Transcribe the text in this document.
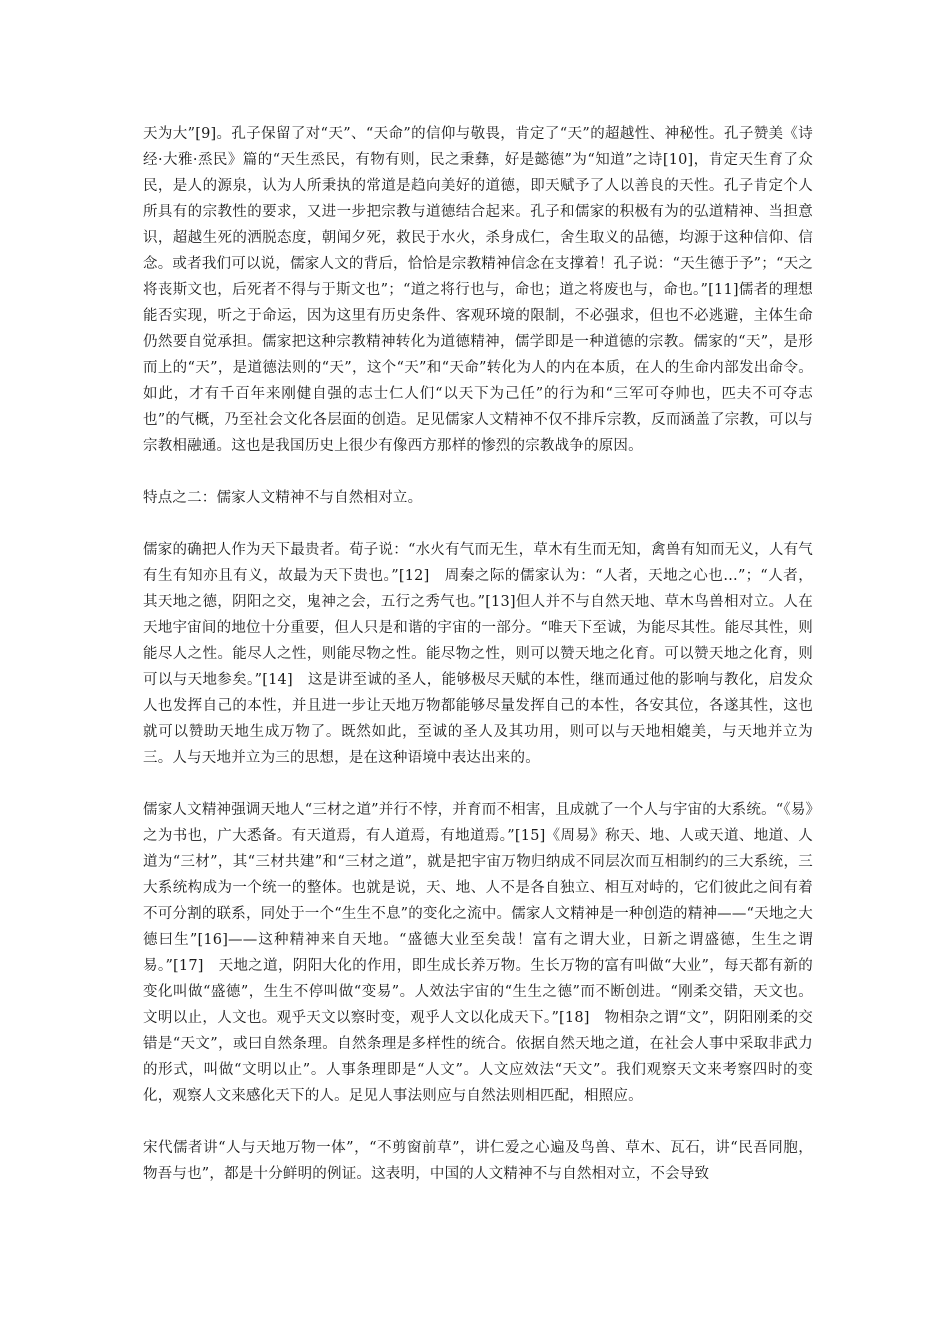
天为大”[9]。孔子保留了对“天”、“天命”的信仰与敬畏，肯定了“天”的超越性、神秘性。孔子赞美《诗经·大雅·烝民》篇的“天生烝民，有物有则，民之秉彝，好是懿德”为“知道”之诗[10]，肯定天生育了众民，是人的源泉，认为人所秉执的常道是趋向美好的道德，即天赋予了人以善良的天性。孔子肯定个人所具有的宗教性的要求，又进一步把宗教与道德结合起来。孔子和儒家的积极有为的弘道精神、当担意识，超越生死的洒脱态度，朝闻夕死，救民于水火，杀身成仁，舍生取义的品德，均源于这种信仰、信念。或者我们可以说，儒家人文的背后，恰恰是宗教精神信念在支撑着！孔子说：“天生德于予”；“天之将丧斯文也，后死者不得与于斯文也”；“道之将行也与，命也；道之将废也与，命也。”[11]儒者的理想能否实现，听之于命运，因为这里有历史条件、客观环境的限制，不必强求，但也不必逃避，主体生命仍然要自觉承担。儒家把这种宗教精神转化为道德精神，儒学即是一种道德的宗教。儒家的“天”，是形而上的“天”，是道德法则的“天”，这个“天”和“天命”转化为人的内在本质，在人的生命内部发出命令。如此，才有千百年来刚健自强的志士仁人们“以天下为己任”的行为和“三军可夺帅也，匹夫不可夺志也”的气概，乃至社会文化各层面的创造。足见儒家人文精神不仅不排斥宗教，反而涵盖了宗教，可以与宗教相融通。这也是我国历史上很少有像西方那样的惨烈的宗教战争的原因。

特点之二：儒家人文精神不与自然相对立。

儒家的确把人作为天下最贵者。荀子说：“水火有气而无生，草木有生而无知，禽兽有知而无义，人有气有生有知亦且有义，故最为天下贵也。”[12]　周秦之际的儒家认为：“人者，天地之心也…”；“人者，其天地之德，阴阳之交，鬼神之会，五行之秀气也。”[13]但人并不与自然天地、草木鸟兽相对立。人在天地宇宙间的地位十分重要，但人只是和谐的宇宙的一部分。“唯天下至诚，为能尽其性。能尽其性，则能尽人之性。能尽人之性，则能尽物之性。能尽物之性，则可以赞天地之化育。可以赞天地之化育，则可以与天地参矣。”[14]　这是讲至诚的圣人，能够极尽天赋的本性，继而通过他的影响与教化，启发众人也发挥自己的本性，并且进一步让天地万物都能够尽量发挥自己的本性，各安其位，各遂其性，这也就可以赞助天地生成万物了。既然如此，至诚的圣人及其功用，则可以与天地相媲美，与天地并立为三。人与天地并立为三的思想，是在这种语境中表达出来的。

儒家人文精神强调天地人“三材之道”并行不悖，并育而不相害，且成就了一个人与宇宙的大系统。“《易》之为书也，广大悉备。有天道焉，有人道焉，有地道焉。”[15]《周易》称天、地、人或天道、地道、人道为“三材”，其“三材共建”和“三材之道”，就是把宇宙万物归纳成不同层次而互相制约的三大系统，三大系统构成为一个统一的整体。也就是说，天、地、人不是各自独立、相互对峙的，它们彼此之间有着不可分割的联系，同处于一个“生生不息”的变化之流中。儒家人文精神是一种创造的精神——“天地之大德曰生”[16]——这种精神来自天地。“盛德大业至矣哉！富有之谓大业，日新之谓盛德，生生之谓易。”[17]　天地之道，阴阳大化的作用，即生成长养万物。生长万物的富有叫做“大业”，每天都有新的变化叫做“盛德”，生生不停叫做“变易”。人效法宇宙的“生生之德”而不断创进。“刚柔交错，天文也。文明以止，人文也。观乎天文以察时变，观乎人文以化成天下。”[18]　物相杂之谓“文”，阴阳刚柔的交错是“天文”，或曰自然条理。自然条理是多样性的统合。依据自然天地之道，在社会人事中采取非武力的形式，叫做“文明以止”。人事条理即是“人文”。人文应效法“天文”。我们观察天文来考察四时的变化，观察人文来感化天下的人。足见人事法则应与自然法则相匹配，相照应。

宋代儒者讲“人与天地万物一体”，“不剪窗前草”，讲仁爱之心遍及鸟兽、草木、瓦石，讲“民吾同胞，物吾与也”，都是十分鲜明的例证。这表明，中国的人文精神不与自然相对立，不会导致
